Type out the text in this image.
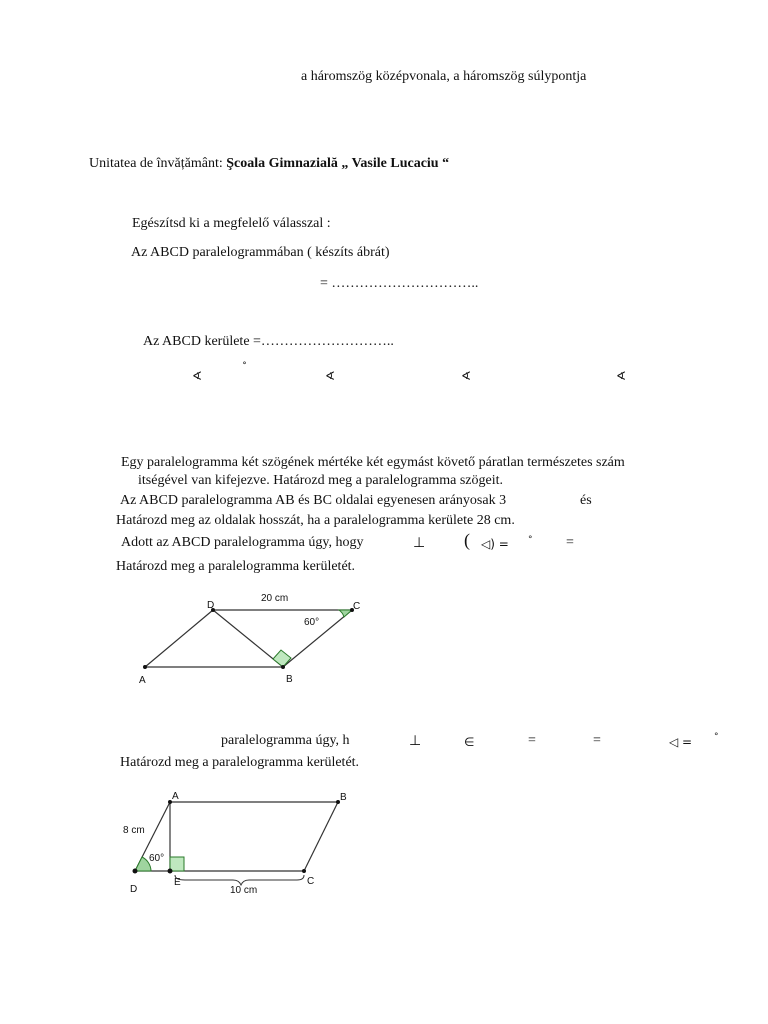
a háromszög középvonala, a háromszög súlypontja
Unitatea de învățământ: Şcoala Gimnazială „ Vasile Lucaciu “
Egészítsd ki a megfelelő válasszal :
Az ABCD paralelogrammában ( készíts ábrát)
= …………………………..
Az ABCD kerülete =………………………..
∢
˚
∢	∢	∢
Egy paralelogramma két szögének mértéke két egymást követő páratlan természetes szám
itségével van kifejezve. Határozd meg a paralelogramma szögeit.
Az ABCD paralelogramma AB és BC oldalai egyenesen arányosak 3	és
Határozd meg az oldalak hosszát, ha a paralelogramma kerülete 28 cm.
Adott az ABCD paralelogramma úgy, hogy	⊥ ( ◁) = ° =
Határozd meg a paralelogramma kerületét.
A	B
C
D
20 cm
60°
paralelogramma úgy, h	⊥	∈	=	=	◁ = °
Határozd meg a paralelogramma kerületét.
A	B
C
D
E
8 cm
60°
10 cm
